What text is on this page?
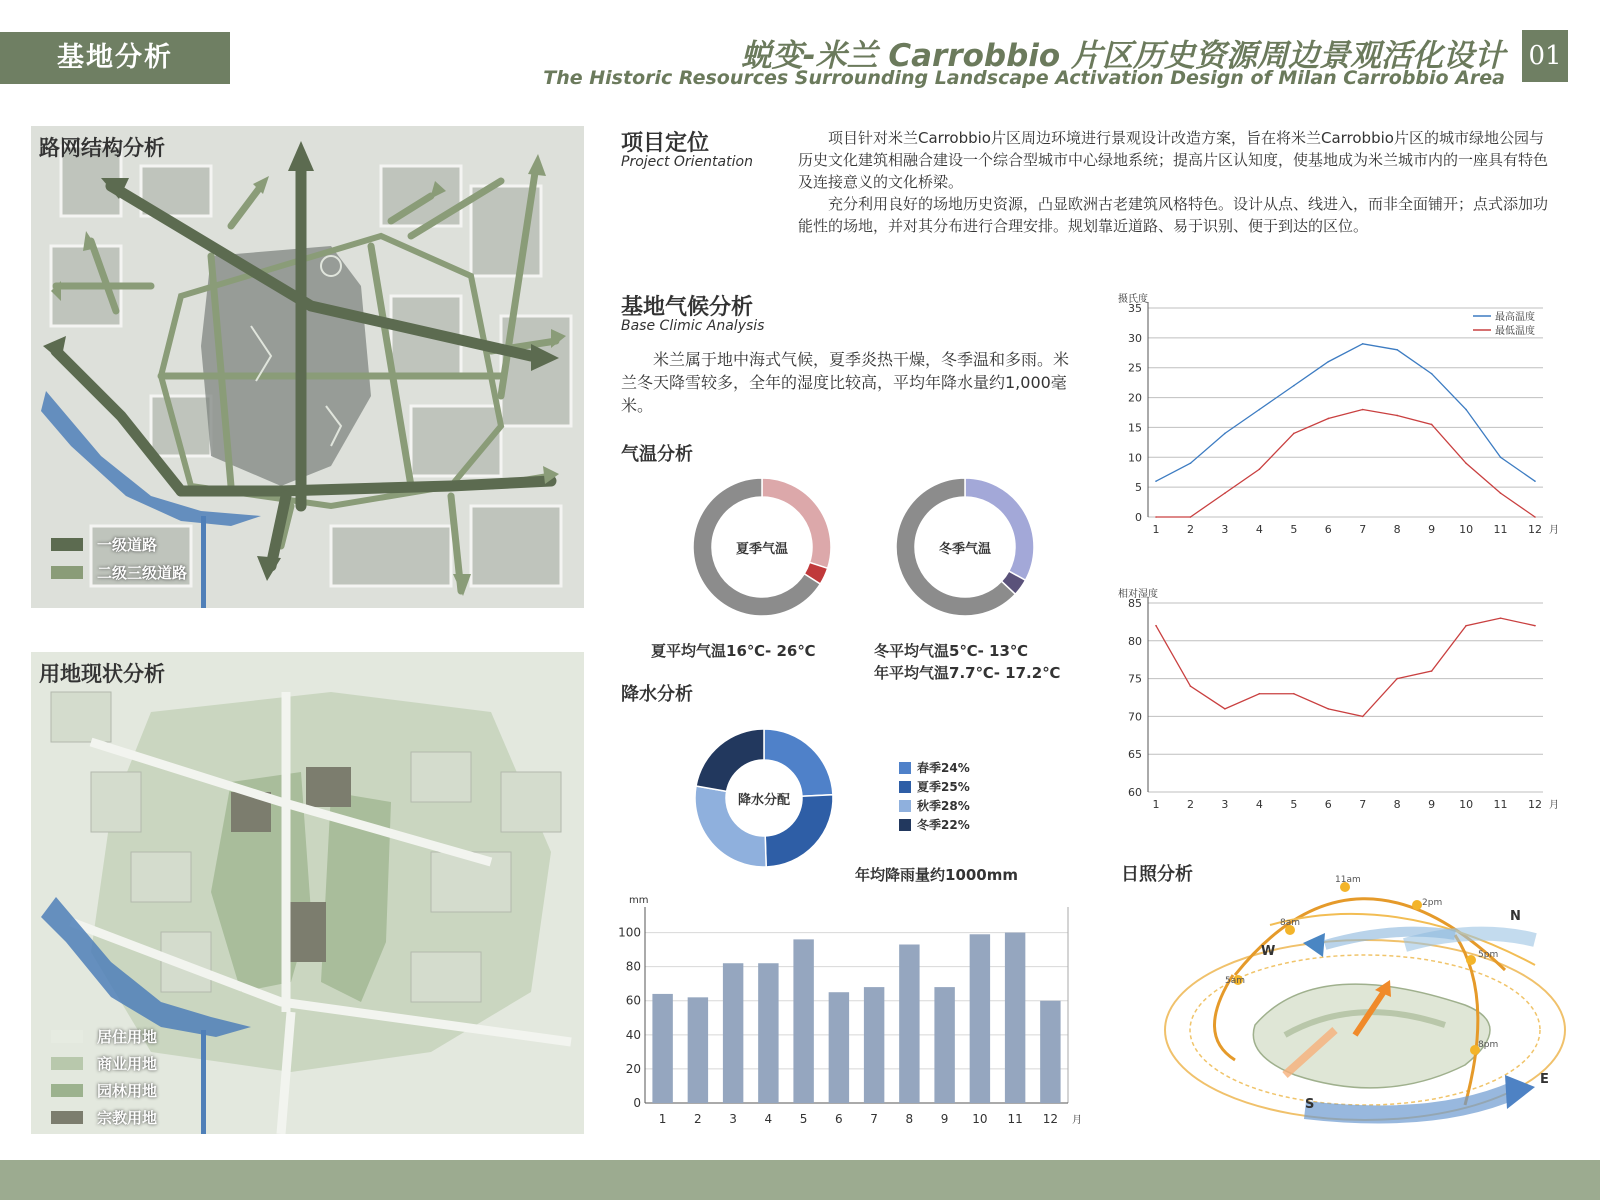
基地分析	蜕变-米兰 Carrobbio 片区历史资源周边景观活化设计
The Historic Resources Surrounding Landscape Activation Design of Milan Carrobbio Area
01
路网结构分析
一级道路
二级三级道路
用地现状分析
居住用地
商业用地
园林用地
宗教用地
项目定位
Project Orientation
项目针对米兰Carrobbio片区周边环境进行景观设计改造方案，旨在将米兰Carrobbio片区的城市绿地公园与历史文化建筑相融合建设一个综合型城市中心绿地系统；提高片区认知度，使基地成为米兰城市内的一座具有特色及连接意义的文化桥梁。
充分利用良好的场地历史资源，凸显欧洲古老建筑风格特色。设计从点、线进入，而非全面铺开；点式添加功能性的场地，并对其分布进行合理安排。规划靠近道路、易于识别、便于到达的区位。
基地气候分析
Base Climic Analysis
米兰属于地中海式气候，夏季炎热干燥，冬季温和多雨。米兰冬天降雪较多，全年的湿度比较高，平均年降水量约1,000毫米。
气温分析
夏季气温	冬季气温
夏平均气温16℃- 26℃	冬平均气温5℃- 13℃
年平均气温7.7℃- 17.2℃
降水分析
降水分配
春季24%
夏季25%
秋季28%
冬季22%
年均降雨量约1000mm
摄氏度
0
5
10
15
20
25
30
35
1 2 3 4 5 6 7 8 9 10 11 12 月
最高温度
最低温度
相对湿度
60
65
70
75
80
85
1 2 3 4 5 6 7 8 9 10 11 12 月
mm
0
20
40
60
80
100
1 2 3 4 5 6 7 8 9 10 11 12 月
日照分析	11am
2pm
8am
5pm
5am
8pm
N
W
E
S
